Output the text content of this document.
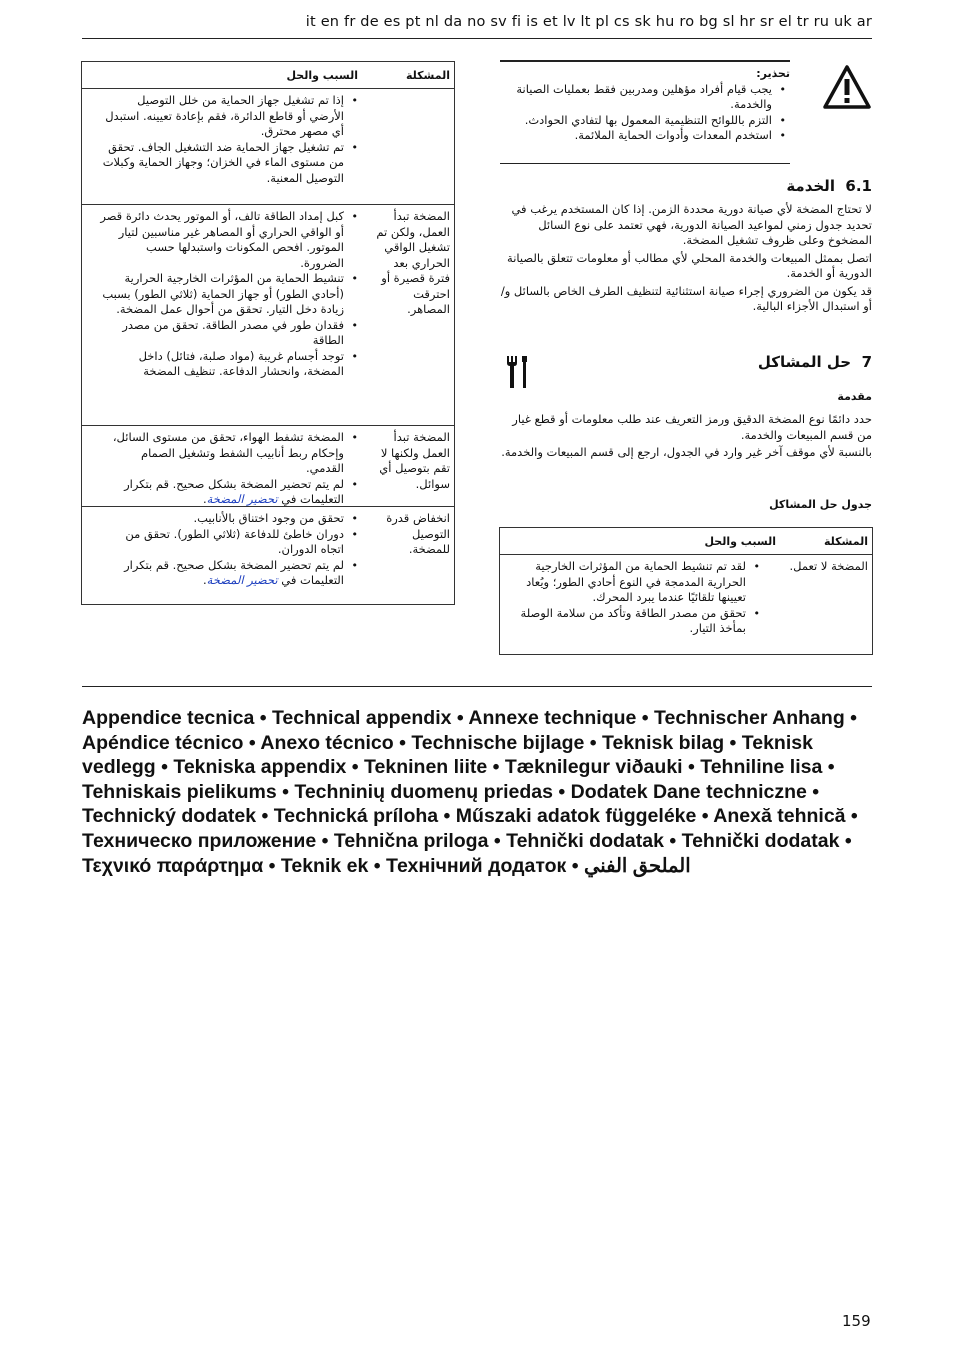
it en fr de es pt nl da no sv fi is et lv lt pl cs sk hu ro bg sl hr sr el tr ru uk ar
المشكلة
السبب والحل
• إذا تم تشغيل جهاز الحماية من خلل التوصيل الأرضي أو قاطع الدائرة، فقم بإعادة تعيينه. استبدل أي مصهر محترق.
• تم تشغيل جهاز الحماية ضد التشغيل الجاف. تحقق من مستوى الماء في الخزان؛ وجهاز الحماية وكبلات التوصيل المعنية.
المضخة تبدأ العمل، ولكن تم تشغيل الواقي الحراري بعد فترة قصيرة أو احترقت المصاهر.
• كبل إمداد الطاقة تالف، أو الموتور يحدث دائرة قصر أو الواقي الحراري أو المصاهر غير مناسبين لتيار الموتور. افحص المكونات واستبدلها حسب الضرورة.
• تنشيط الحماية من المؤثرات الخارجية الحرارية (أحادي الطور) أو جهاز الحماية (ثلاثي الطور) بسبب زيادة دخل التيار. تحقق من أحوال عمل المضخة.
• فقدان طور في مصدر الطاقة. تحقق من مصدر الطاقة
• توجد أجسام غريبة (مواد صلبة، فتائل) داخل المضخة، وانحشار الدفاعة. تنظيف المضخة
المضخة تبدأ العمل ولكنها لا تقم بتوصيل أي سوائل.
• المضخة تشفط الهواء، تحقق من مستوى السائل، وإحكام ربط أنابيب الشفط وتشغيل الصمام القدمي.
• لم يتم تحضير المضخة بشكل صحيح. قم بتكرار التعليمات في تحضير المضخة.
انخفاض قدرة التوصيل للمضخة.
• تحقق من وجود اختناق بالأنابيب.
• دوران خاطئ للدفاعة (ثلاثي الطور). تحقق من اتجاه الدوران.
• لم يتم تحضير المضخة بشكل صحيح. قم بتكرار التعليمات في تحضير المضخة.
تحذير:
• يجب قيام أفراد مؤهلين ومدربين فقط بعمليات الصيانة والخدمة.
• التزم باللوائح التنظيمية المعمول بها لتفادي الحوادث.
• استخدم المعدات وأدوات الحماية الملائمة.
6.1  الخدمة

لا تحتاج المضخة لأي صيانة دورية محددة الزمن. إذا كان المستخدم يرغب في تحديد جدول زمني لمواعيد الصيانة الدورية، فهي تعتمد على نوع السائل المضخوخ وعلى ظروف تشغيل المضخة.

اتصل بممثل المبيعات والخدمة المحلي لأي مطالب أو معلومات تتعلق بالصيانة الدورية أو الخدمة.

قد يكون من الضروري إجراء صيانة استثنائية لتنظيف الطرف الخاص بالسائل و/أو استبدال الأجزاء البالية.

7  حل المشاكل
مقدمة

حدد دائمًا نوع المضخة الدقيق ورمز التعريف عند طلب معلومات أو قطع غيار من قسم المبيعات والخدمة.

بالنسبة لأي موقف آخر غير وارد في الجدول، ارجع إلى قسم المبيعات والخدمة.

جدول حل المشاكل
المشكلة
السبب والحل
المضخة لا تعمل.
• لقد تم تنشيط الحماية من المؤثرات الخارجية الحرارية المدمجة في النوع أحادي الطور؛ ويُعاد تعيينها تلقائيًا عندما يبرد المحرك.
• تحقق من مصدر الطاقة وتأكد من سلامة الوصلة بمأخذ التيار.
Appendice tecnica • Technical appendix • Annexe technique • Technischer Anhang • Apéndice técnico • Anexo técnico • Technische bijlage • Teknisk bilag • Teknisk vedlegg • Tekniska appendix • Tekninen liite • Tæknilegur viðauki • Tehniline lisa • Tehniskais pielikums • Techninių duomenų priedas • Dodatek Dane techniczne • Technický dodatek • Technická príloha • Műszaki adatok függeléke • Anexă tehnică • Техническо приложение • Tehnična priloga • Tehnički dodatak • Tehnički dodatak • Τεχνικό παράρτημα • Teknik ek • Технічний додаток • الملحق الفني
159
